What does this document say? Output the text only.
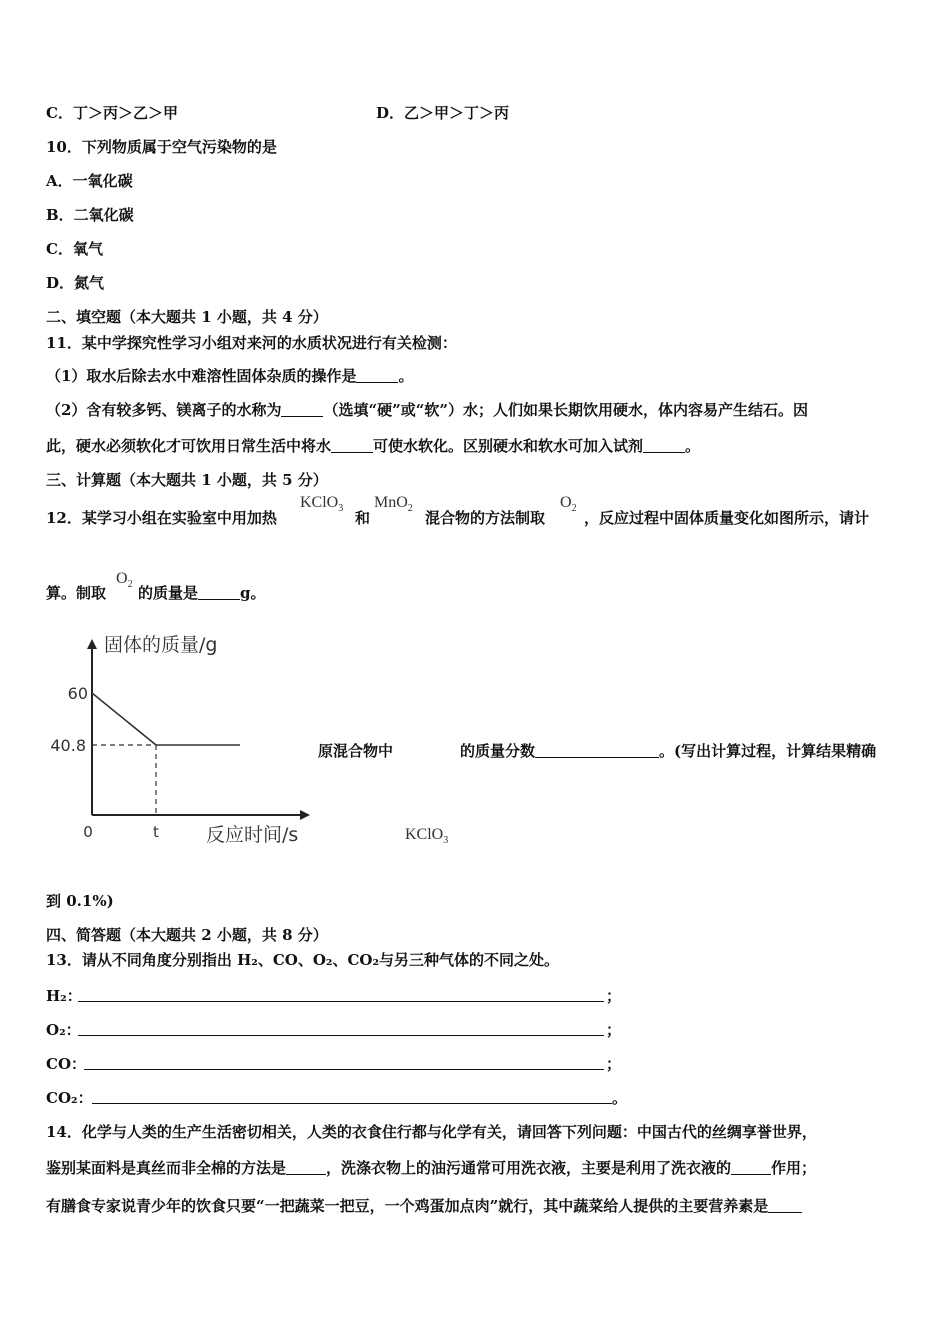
C．丁＞丙＞乙＞甲	D．乙＞甲＞丁＞丙
10．下列物质属于空气污染物的是
A．一氧化碳
B．二氧化碳
C．氧气
D．氮气
二、填空题（本大题共 1 小题，共 4 分）
11．某中学探究性学习小组对来河的水质状况进行有关检测：
（1）取水后除去水中难溶性固体杂质的操作是	。
（2）含有较多钙、镁离子的水称为	（选填“硬”或“软”）水；人们如果长期饮用硬水，体内容易产生结石。因
此，硬水必须软化才可饮用日常生活中将水	可使水软化。区别硬水和软水可加入试剂	。
三、计算题（本大题共 1 小题，共 5 分）
12．某学习小组在实验室中用加热
KClO$_3$
和
MnO$_2$
混合物的方法制取
$O_2$
，反应过程中固体质量变化如图所示，请计
算。制取
$O_2$ 的质量是	g。
固体的质量/g
反应时间/s
0	t
60
40.8	原混合物中	的质量分数	。(写出计算过程，计算结果精确
KClO$_3$
到 0.1%)
四、简答题（本大题共 2 小题，共 8 分）
13．请从不同角度分别指出 H₂、CO、O₂、CO₂与另三种气体的不同之处。
H₂：	；
O₂：	；
CO：	；
CO₂：	。
14．化学与人类的生产生活密切相关，人类的衣食住行都与化学有关，请回答下列问题：中国古代的丝绸享誉世界，
鉴别某面料是真丝而非全棉的方法是	，洗涤衣物上的油污通常可用洗衣液，主要是利用了洗衣液的	作用；
有膳食专家说青少年的饮食只要“一把蔬菜一把豆，一个鸡蛋加点肉”就行，其中蔬菜给人提供的主要营养素是
